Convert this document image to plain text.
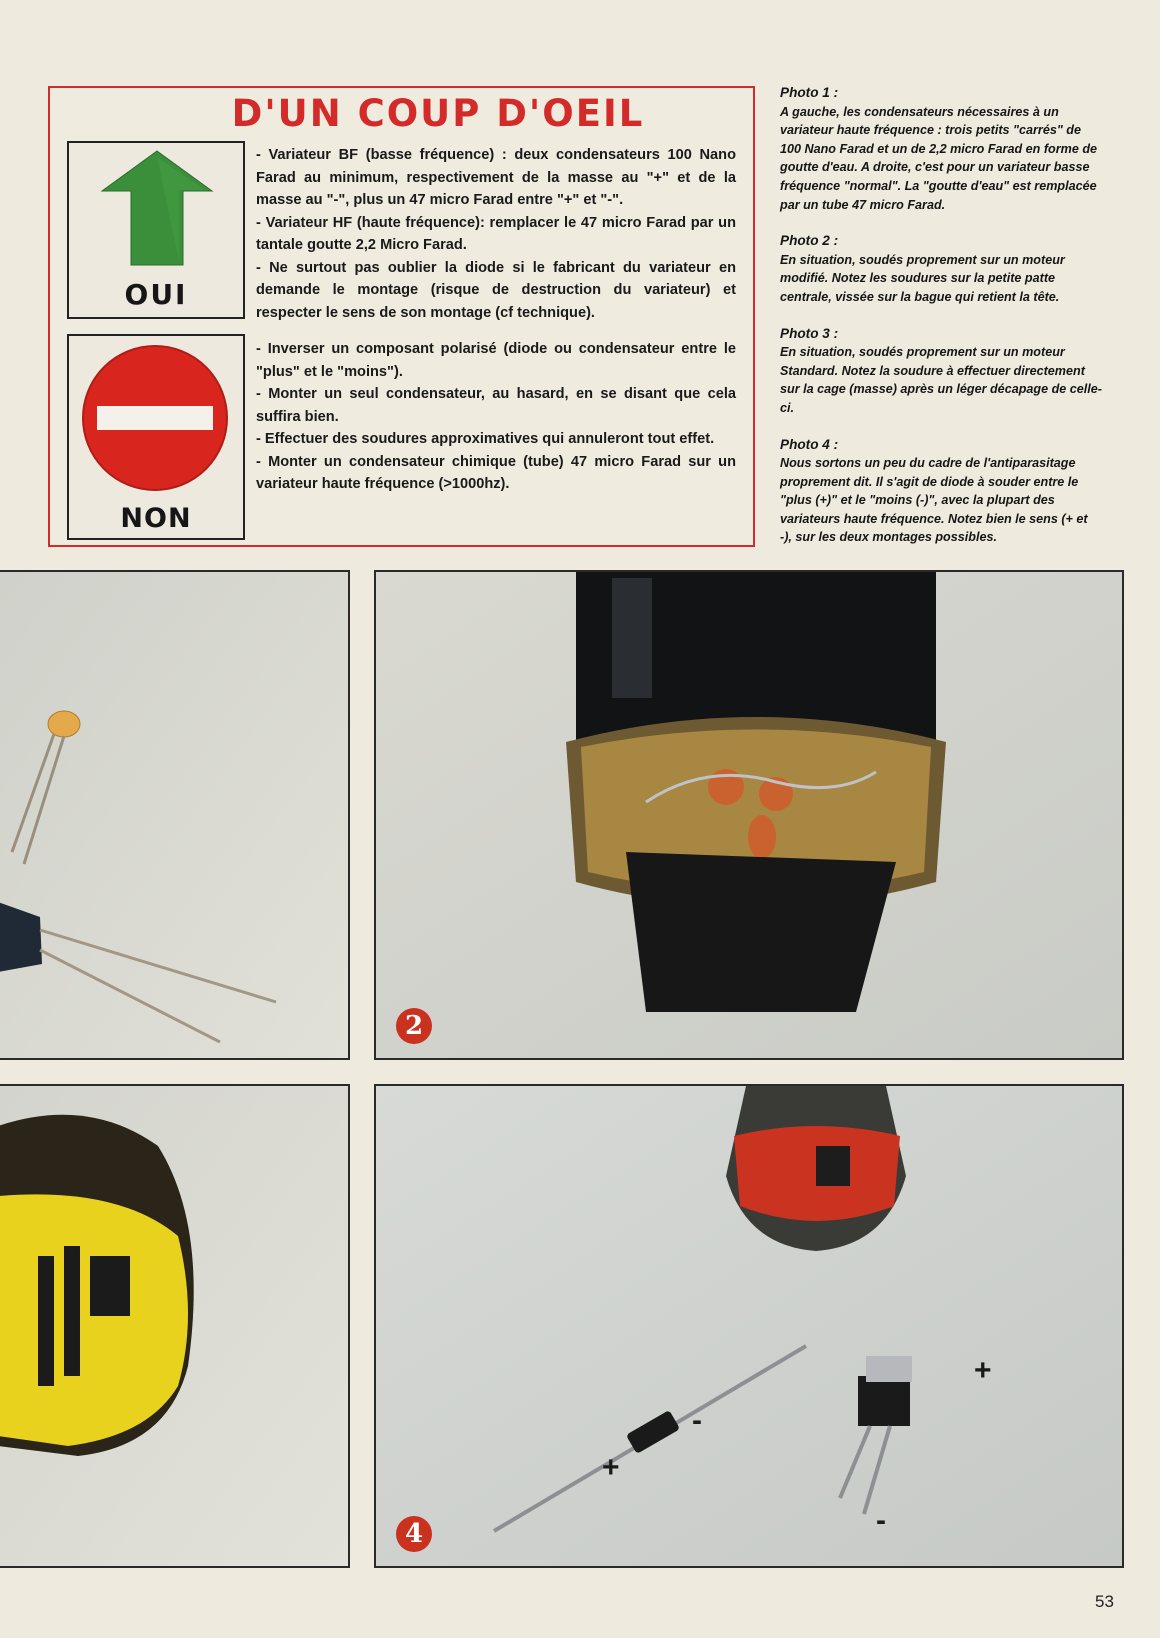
D'UN COUP D'OEIL
OUI
NON
- Variateur BF (basse fréquence) : deux condensateurs 100 Nano Farad au minimum, respectivement de la masse au "+" et de la masse au "-", plus un 47 micro Farad entre "+" et "-".
- Variateur HF (haute fréquence): remplacer le 47 micro Farad par un tantale goutte 2,2 Micro Farad.
- Ne surtout pas oublier la diode si le fabricant du variateur en demande le montage (risque de destruction du variateur) et respecter le sens de son montage (cf technique).
- Inverser un composant polarisé (diode ou condensateur entre le "plus" et le "moins").
- Monter un seul condensateur, au hasard, en se disant que cela suffira bien.
- Effectuer des soudures approximatives qui annuleront tout effet.
- Monter un condensateur chimique (tube) 47 micro Farad sur un variateur haute fréquence (>1000hz).

Photo 1 :
A gauche, les condensateurs nécessaires à un variateur haute fréquence : trois petits "carrés" de 100 Nano Farad et un de 2,2 micro Farad en forme de goutte d'eau. A droite, c'est pour un variateur basse fréquence "normal". La "goutte d'eau" est remplacée par un tube 47 micro Farad.

Photo 2 :
En situation, soudés proprement sur un moteur modifié. Notez les soudures sur la petite patte centrale, vissée sur la bague qui retient la tête.

Photo 3 :
En situation, soudés proprement sur un moteur Standard. Notez la soudure à effectuer directement sur la cage (masse) après un léger décapage de celle-ci.

Photo 4 :
Nous sortons un peu du cadre de l'antiparasitage proprement dit. Il s'agit de diode à souder entre le "plus (+)" et le "moins (-)", avec la plupart des variateurs haute fréquence. Notez bien le sens (+ et -), sur les deux montages possibles.

2
+
-
+
-
4
53
